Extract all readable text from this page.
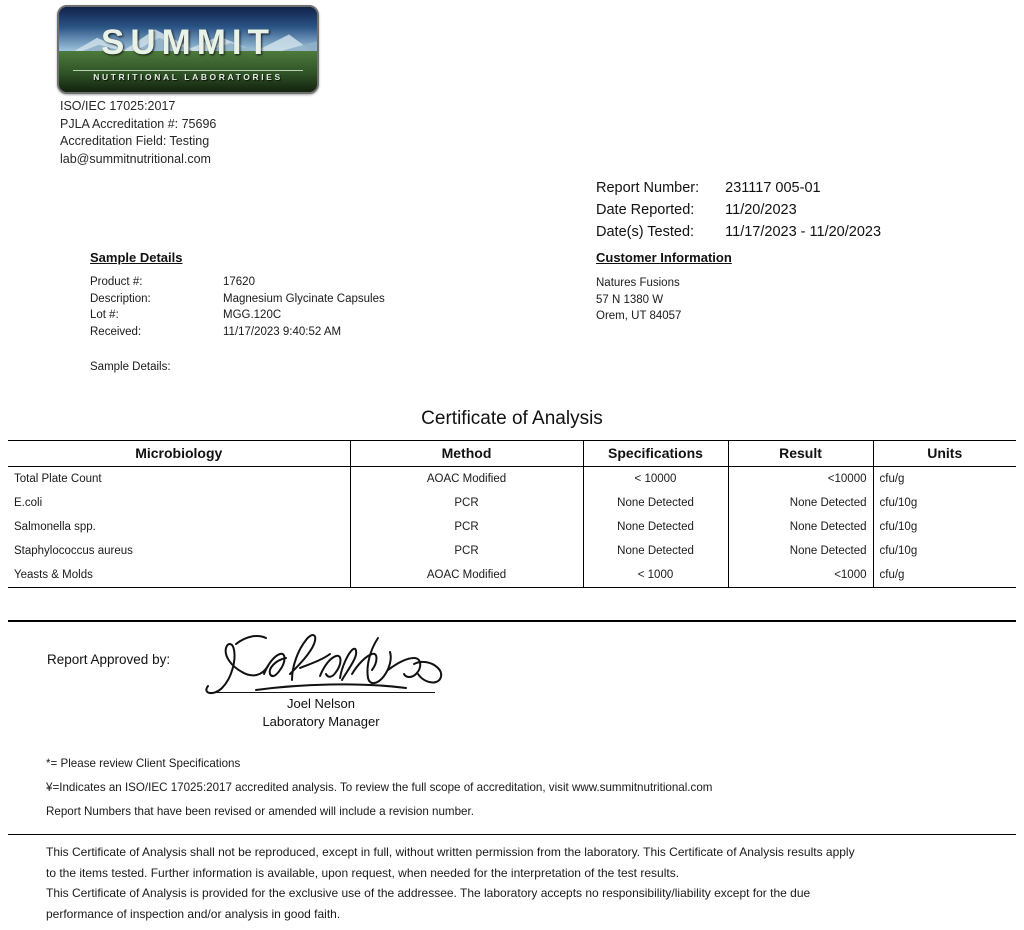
SUMMIT
NUTRITIONAL LABORATORIES
ISO/IEC 17025:2017
PJLA Accreditation #: 75696
Accreditation Field: Testing
lab@summitnutritional.com
Report Number:	231117 005-01
Date Reported:	11/20/2023
Date(s) Tested:	11/17/2023 - 11/20/2023
Sample Details
Product #:	17620
Description:	Magnesium Glycinate Capsules
Lot #:	MGG.120C
Received:	11/17/2023 9:40:52 AM
Sample Details:
Customer Information
Natures Fusions
57 N 1380 W
Orem, UT 84057
Certificate of Analysis
Microbiology	Method	Specifications	Result	Units
Total Plate Count	AOAC Modified	< 10000	<10000	cfu/g
E.coli	PCR	None Detected	None Detected	cfu/10g
Salmonella spp.	PCR	None Detected	None Detected	cfu/10g
Staphylococcus aureus	PCR	None Detected	None Detected	cfu/10g
Yeasts & Molds	AOAC Modified	< 1000	<1000	cfu/g
Report Approved by:
Joel Nelson
Laboratory Manager
*= Please review Client Specifications
¥=Indicates an ISO/IEC 17025:2017 accredited analysis. To review the full scope of accreditation, visit www.summitnutritional.com
Report Numbers that have been revised or amended will include a revision number.

This Certificate of Analysis shall not be reproduced, except in full, without written permission from the laboratory. This Certificate of Analysis results apply

to the items tested. Further information is available, upon request, when needed for the interpretation of the test results.

This Certificate of Analysis is provided for the exclusive use of the addressee. The laboratory accepts no responsibility/liability except for the due

performance of inspection and/or analysis in good faith.
